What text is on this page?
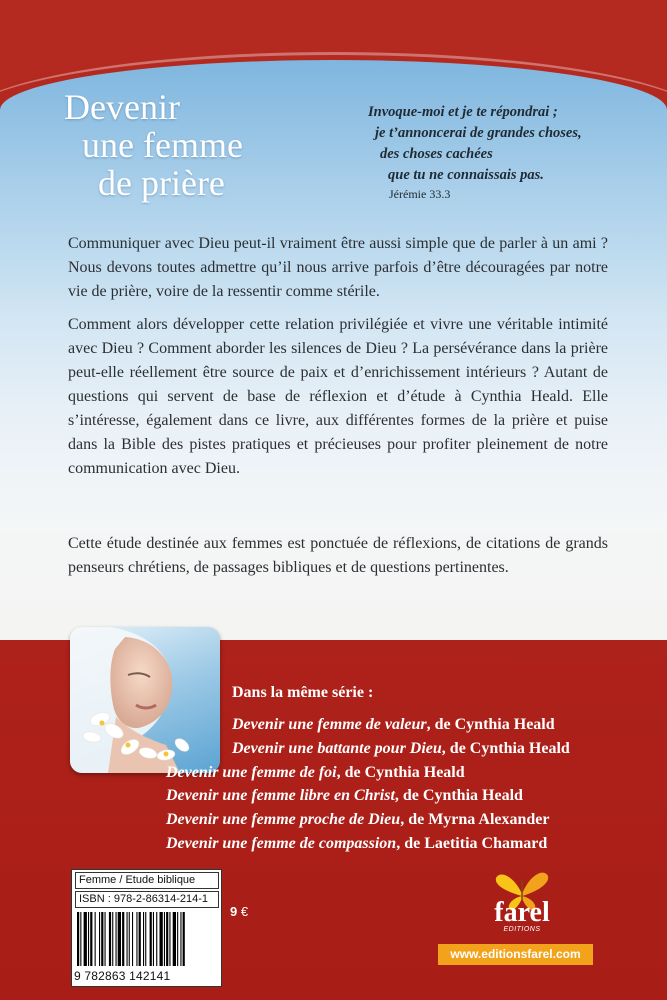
Devenir
une femme
de prière
Invoque-moi et je te répondrai ;
je t’annoncerai de grandes choses,
des choses cachées
que tu ne connaissais pas.
Jérémie 33.3

Communiquer avec Dieu peut-il vraiment être aussi simple que de parler à un ami ? Nous devons toutes admettre qu’il nous arrive parfois d’être découragées par notre vie de prière, voire de la ressentir comme stérile.

Comment alors développer cette relation privilégiée et vivre une véritable intimité avec Dieu ? Comment aborder les silences de Dieu ? La persévérance dans la prière peut-elle réellement être source de paix et d’enrichissement intérieurs ? Autant de questions qui servent de base de réflexion et d’étude à Cynthia Heald. Elle s’intéresse, également dans ce livre, aux différentes formes de la prière et puise dans la Bible des pistes pratiques et précieuses pour profiter pleinement de notre communication avec Dieu.

Cette étude destinée aux femmes est ponctuée de réflexions, de citations de grands penseurs chrétiens, de passages bibliques et de questions pertinentes.

Dans la même série :
Devenir une femme de valeur, de Cynthia Heald
Devenir une battante pour Dieu, de Cynthia Heald
Devenir une femme de foi, de Cynthia Heald
Devenir une femme libre en Christ, de Cynthia Heald
Devenir une femme proche de Dieu, de Myrna Alexander
Devenir une femme de compassion, de Laetitia Chamard
Femme / Etude biblique
ISBN : 978-2-86314-214-1
9 782863 142141
9 €	farel
EDITIONS
www.editionsfarel.com
